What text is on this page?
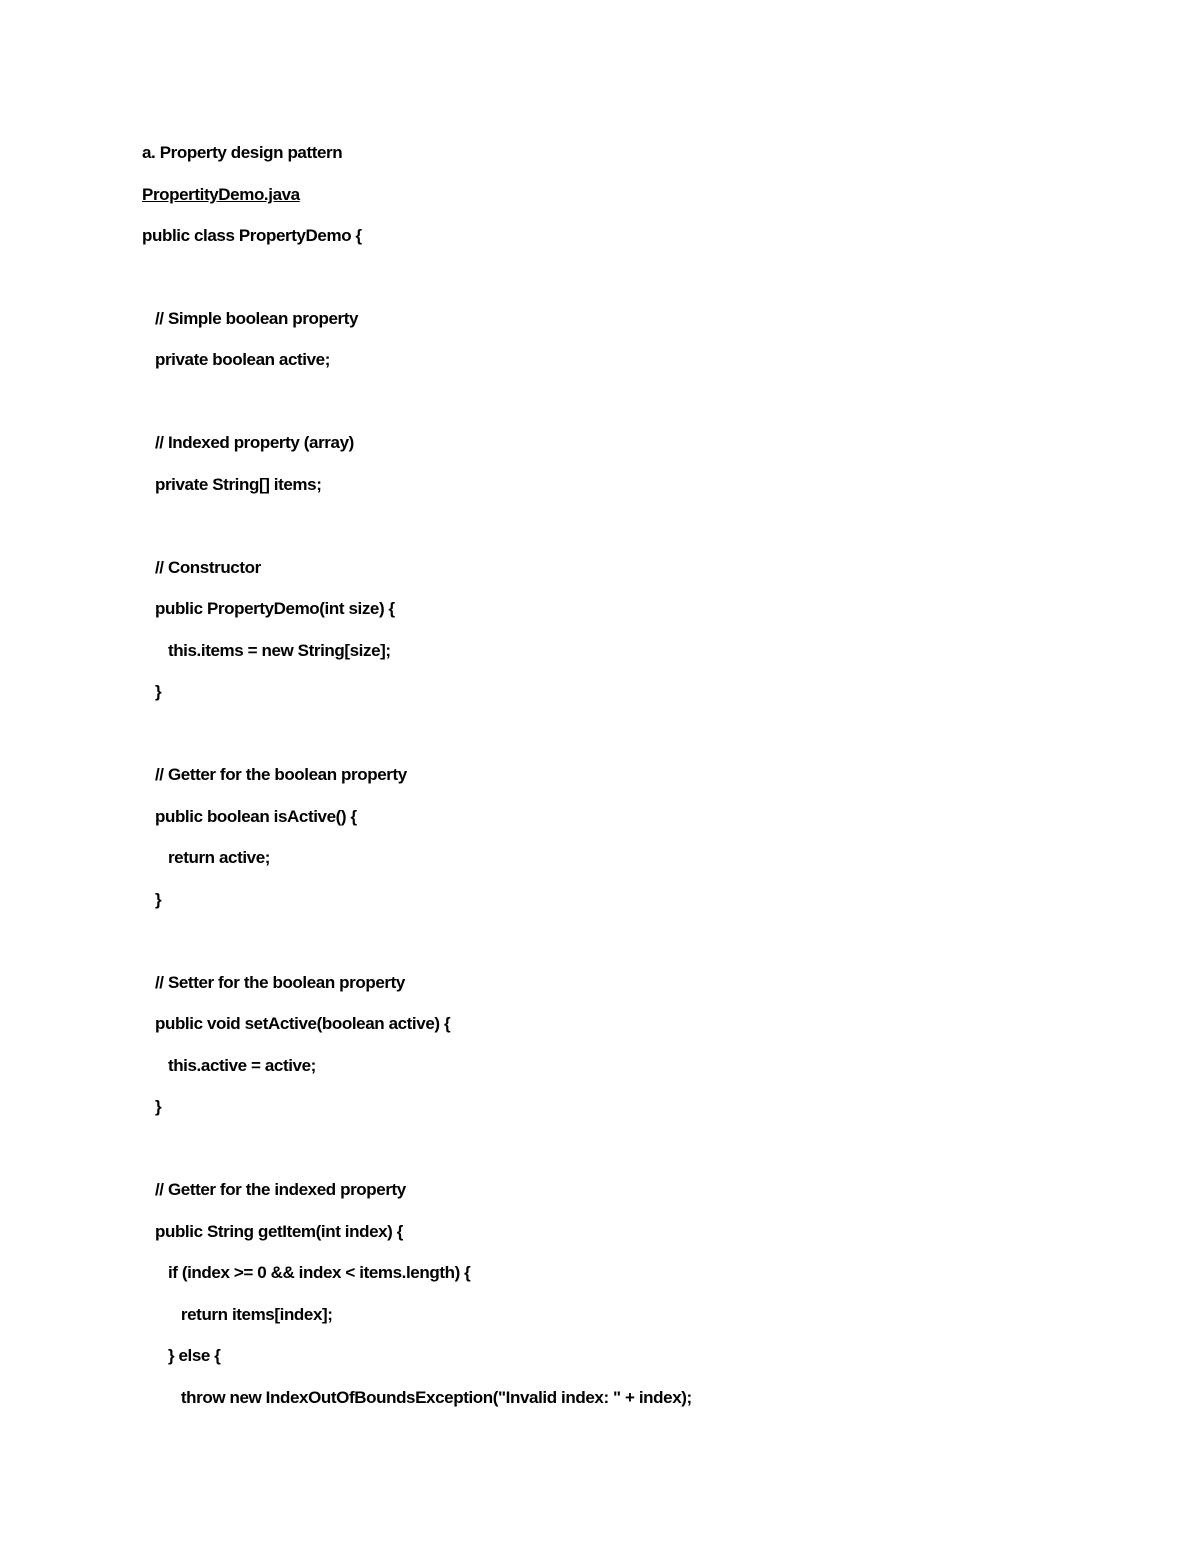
a. Property design pattern
PropertityDemo.java
public class PropertyDemo {
// Simple boolean property
private boolean active;
// Indexed property (array)
private String[] items;
// Constructor
public PropertyDemo(int size) {
this.items = new String[size];
}
// Getter for the boolean property
public boolean isActive() {
return active;
}
// Setter for the boolean property
public void setActive(boolean active) {
this.active = active;
}
// Getter for the indexed property
public String getItem(int index) {
if (index >= 0 && index < items.length) {
return items[index];
} else {
throw new IndexOutOfBoundsException("Invalid index: " + index);
